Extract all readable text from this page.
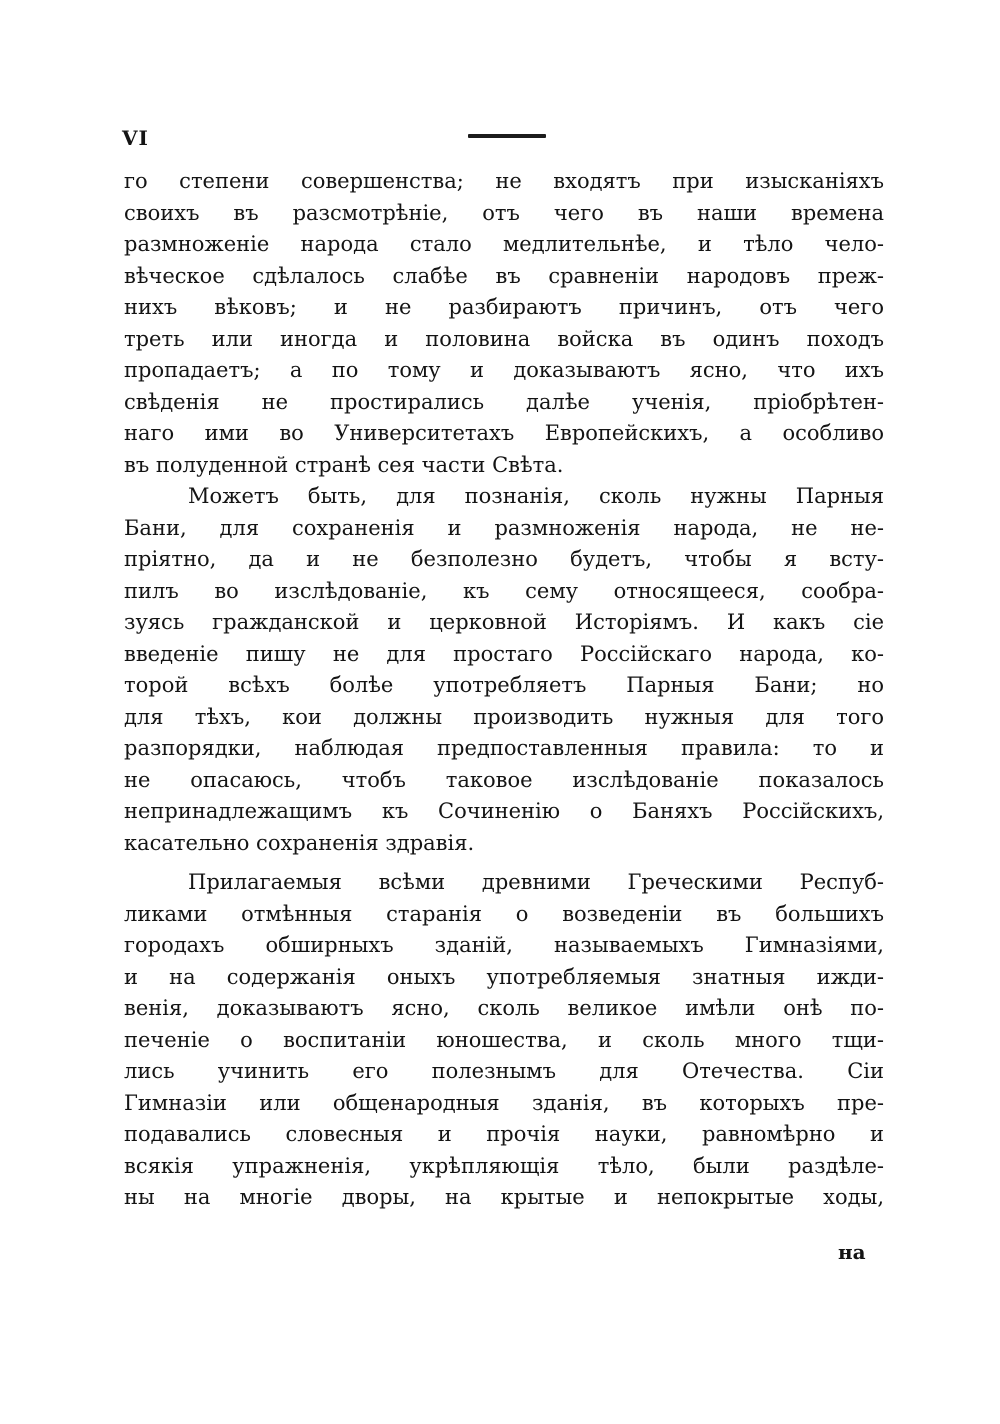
VI
го степени совершенства; не входятъ при изысканіяхъ
своихъ въ разсмотрѣніе, отъ чего въ наши времена
размноженіе народа стало медлительнѣе, и тѣло чело-
вѣческое сдѣлалось слабѣе въ сравненіи народовъ преж-
нихъ вѣковъ; и не разбираютъ причинъ, отъ чего
треть или иногда и половина войска въ одинъ походъ
пропадаетъ; а по тому и доказываютъ ясно, что ихъ
свѣденія не простирались далѣе ученія, пріобрѣтен-
наго ими во Университетахъ Европейскихъ, а особливо
въ полуденной странѣ сея части Свѣта.
Можетъ быть, для познанія, сколь нужны Парныя
Бани, для сохраненія и размноженія народа, не не-
пріятно, да и не безполезно будетъ, чтобы я всту-
пилъ во изслѣдованіе, къ сему относящееся, сообра-
зуясь гражданской и церковной Исторіямъ. И какъ сіе
введеніе пишу не для простаго Россійскаго народа, ко-
торой всѣхъ болѣе употребляетъ Парныя Бани; но
для тѣхъ, кои должны производить нужныя для того
разпорядки, наблюдая предпоставленныя правила: то и
не опасаюсь, чтобъ таковое изслѣдованіе показалось
непринадлежащимъ къ Сочиненію о Баняхъ Россійскихъ,
касательно сохраненія здравія.
Прилагаемыя всѣми древними Греческими Респуб-
ликами отмѣнныя старанія о возведеніи въ большихъ
городахъ обширныхъ зданій, называемыхъ Гимназіями,
и на содержанія оныхъ употребляемыя знатныя ижди-
венія, доказываютъ ясно, сколь великое имѣли онѣ по-
печеніе о воспитаніи юношества, и сколь много тщи-
лись учинить его полезнымъ для Отечества. Сіи
Гимназіи или общенародныя зданія, въ которыхъ пре-
подавались словесныя и прочія науки, равномѣрно и
всякія упражненія, укрѣпляющія тѣло, были раздѣле-
ны на многіе дворы, на крытые и непокрытые ходы,
на
